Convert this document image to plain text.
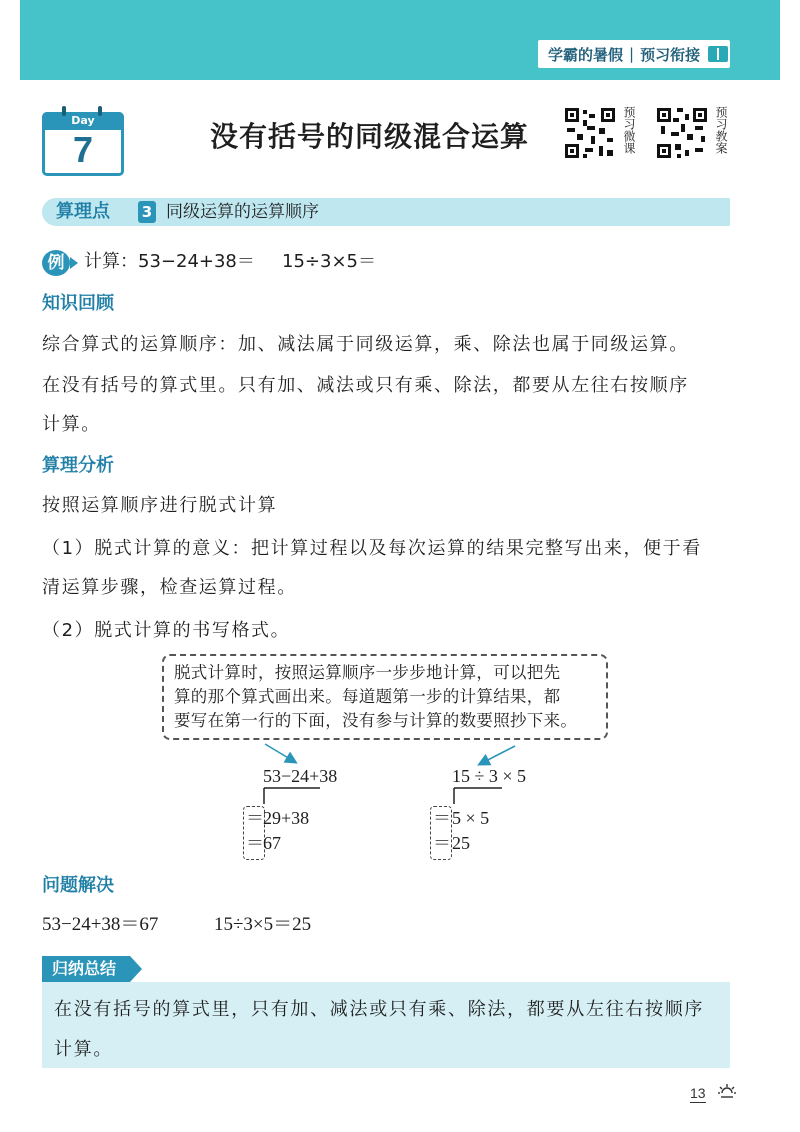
学霸的暑假 | 预习衔接
Day
7	没有括号的同级混合运算	预习微课	预习教案
算理点 3 同级运算的运算顺序
例	计算：53−24+38＝ 15÷3×5＝
知识回顾
综合算式的运算顺序：加、减法属于同级运算，乘、除法也属于同级运算。
在没有括号的算式里。只有加、减法或只有乘、除法，都要从左往右按顺序
计算。
算理分析
按照运算顺序进行脱式计算
（1）脱式计算的意义：把计算过程以及每次运算的结果完整写出来，便于看
清运算步骤，检查运算过程。
（2）脱式计算的书写格式。
脱式计算时，按照运算顺序一步步地计算，可以把先
算的那个算式画出来。每道题第一步的计算结果，都
要写在第一行的下面，没有参与计算的数要照抄下来。
53−24+38
＝ 29+38
＝ 67
15 ÷ 3 × 5
＝ 5 × 5
＝ 25
问题解决
53−24+38＝67	15÷3×5＝25
归纳总结
在没有括号的算式里，只有加、减法或只有乘、除法，都要从左往右按顺序
计算。
13
